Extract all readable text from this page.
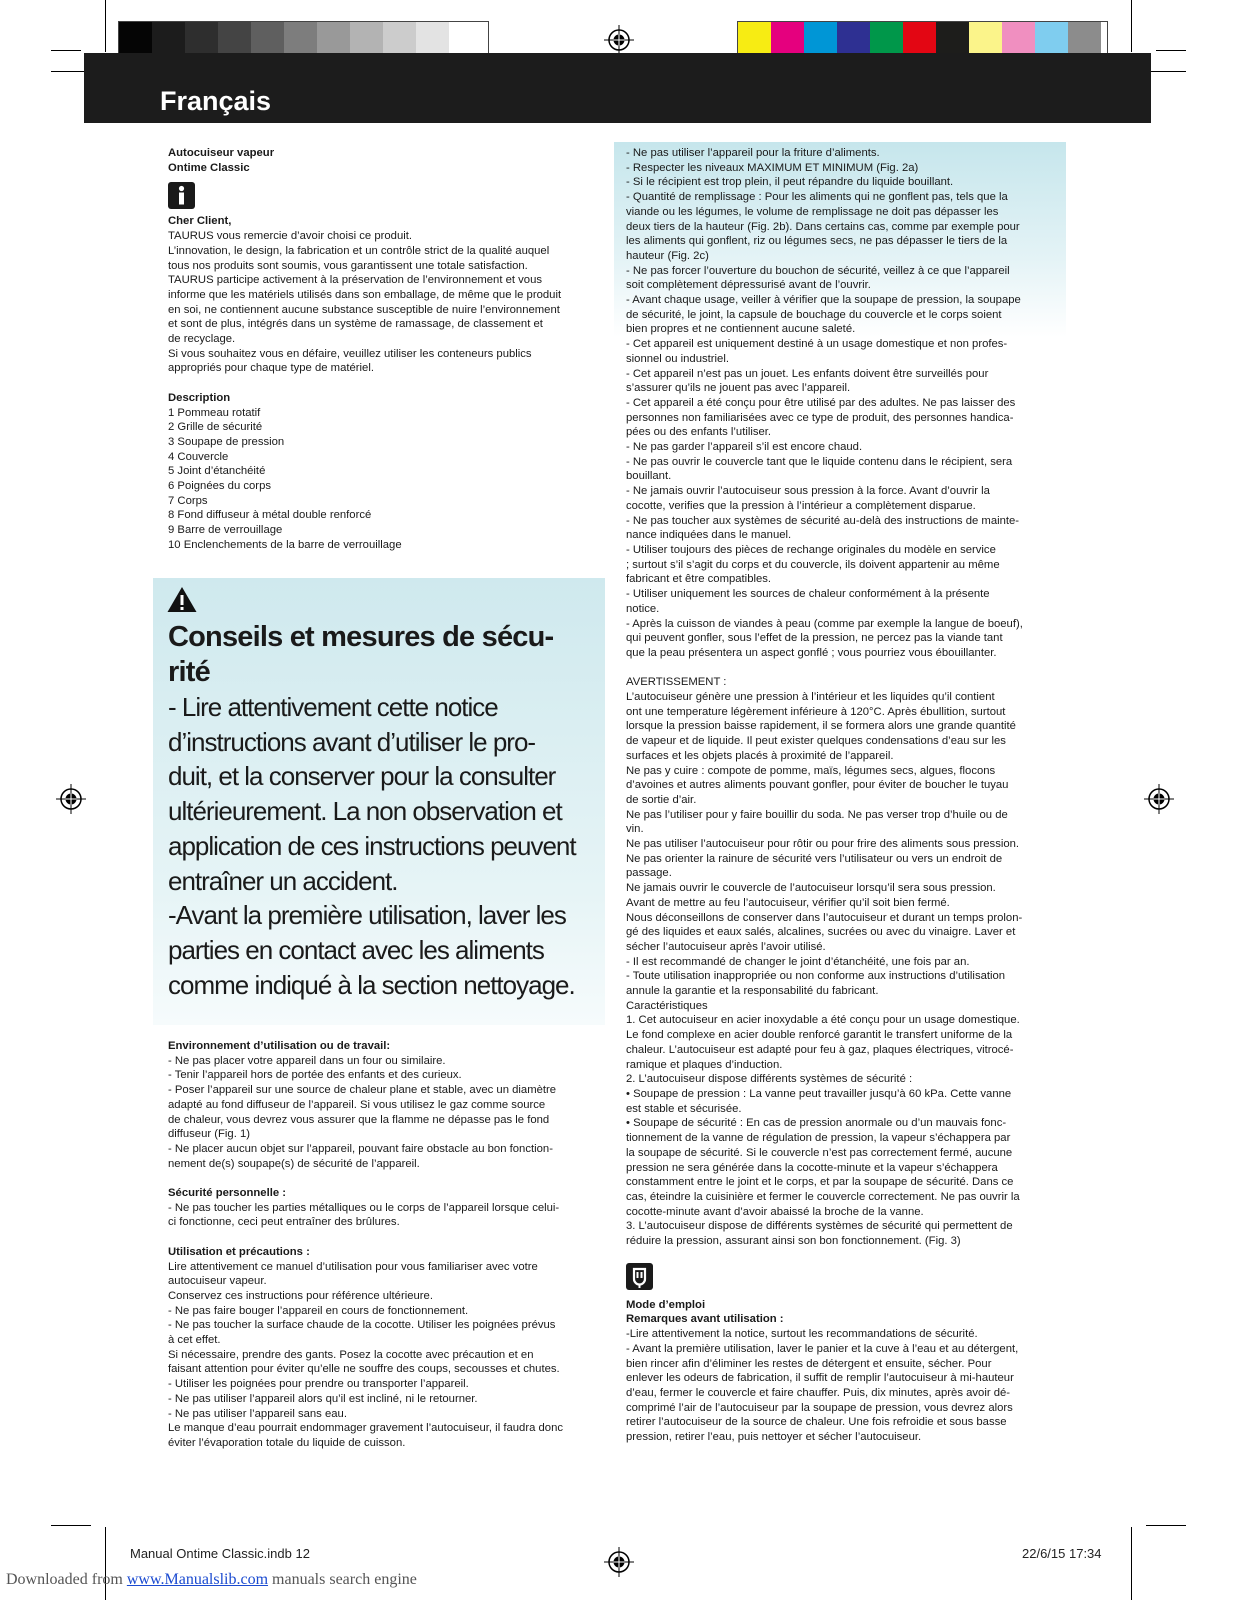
Français

Autocuiseur vapeur

Ontime Classic

Cher Client,

TAURUS vous remercie d’avoir choisi ce produit.
L’innovation, le design, la fabrication et un contrôle strict de la qualité auquel
tous nos produits sont soumis, vous garantissent une totale satisfaction.
TAURUS participe activement à la préservation de l’environnement et vous
informe que les matériels utilisés dans son emballage, de même que le produit
en soi, ne contiennent aucune substance susceptible de nuire l’environnement
et sont de plus, intégrés dans un système de ramassage, de classement et
de recyclage.
Si vous souhaitez vous en défaire, veuillez utiliser les conteneurs publics
appropriés pour chaque type de matériel.

Description

1 Pommeau rotatif

2 Grille de sécurité

3 Soupape de pression

4 Couvercle

5 Joint d’étanchéité

6 Poignées du corps

7 Corps

8 Fond diffuseur à métal double renforcé

9 Barre de verrouillage

10 Enclenchements de la barre de verrouillage

Conseils et mesures de sécu-
rité

- Lire attentivement cette notice
d’instructions avant d’utiliser le pro-
duit, et la conserver pour la consulter
ultérieurement. La non observation et
application de ces instructions peuvent
entraîner un accident.
-Avant la première utilisation, laver les
parties en contact avec les aliments
comme indiqué à la section nettoyage.

Environnement d’utilisation ou de travail:

- Ne pas placer votre appareil dans un four ou similaire.
- Tenir l’appareil hors de portée des enfants et des curieux.
- Poser l’appareil sur une source de chaleur plane et stable, avec un diamètre
adapté au fond diffuseur de l’appareil. Si vous utilisez le gaz comme source
de chaleur, vous devrez vous assurer que la flamme ne dépasse pas le fond
diffuseur (Fig. 1)
- Ne placer aucun objet sur l’appareil, pouvant faire obstacle au bon fonction-
nement de(s) soupape(s) de sécurité de l’appareil.

Sécurité personnelle :

- Ne pas toucher les parties métalliques ou le corps de l’appareil lorsque celui-
ci fonctionne, ceci peut entraîner des brûlures.

Utilisation et précautions :

Lire attentivement ce manuel d’utilisation pour vous familiariser avec votre
autocuiseur vapeur.
Conservez ces instructions pour référence ultérieure.
- Ne pas faire bouger l’appareil en cours de fonctionnement.
- Ne pas toucher la surface chaude de la cocotte. Utiliser les poignées prévus
à cet effet.
Si nécessaire, prendre des gants. Posez la cocotte avec précaution et en
faisant attention pour éviter qu’elle ne souffre des coups, secousses et chutes.
- Utiliser les poignées pour prendre ou transporter l’appareil.
- Ne pas utiliser l’appareil alors qu’il est incliné, ni le retourner.
- Ne pas utiliser l’appareil sans eau.
Le manque d’eau pourrait endommager gravement l’autocuiseur, il faudra donc
éviter l’évaporation totale du liquide de cuisson.

- Ne pas utiliser l’appareil pour la friture d’aliments.
- Respecter les niveaux MAXIMUM ET MINIMUM (Fig. 2a)
- Si le récipient est trop plein, il peut répandre du liquide bouillant.
- Quantité de remplissage : Pour les aliments qui ne gonflent pas, tels que la
viande ou les légumes, le volume de remplissage ne doit pas dépasser les
deux tiers de la hauteur (Fig. 2b). Dans certains cas, comme par exemple pour
les aliments qui gonflent, riz ou légumes secs, ne pas dépasser le tiers de la
hauteur (Fig. 2c)
- Ne pas forcer l’ouverture du bouchon de sécurité, veillez à ce que l’appareil
soit complètement dépressurisé avant de l’ouvrir.
- Avant chaque usage, veiller à vérifier que la soupape de pression, la soupape
de sécurité, le joint, la capsule de bouchage du couvercle et le corps soient
bien propres et ne contiennent aucune saleté.
- Cet appareil est uniquement destiné à un usage domestique et non profes-
sionnel ou industriel.
- Cet appareil n’est pas un jouet. Les enfants doivent être surveillés pour
s’assurer qu’ils ne jouent pas avec l’appareil.
- Cet appareil a été conçu pour être utilisé par des adultes. Ne pas laisser des
personnes non familiarisées avec ce type de produit, des personnes handica-
pées ou des enfants l’utiliser.
- Ne pas garder l’appareil s’il est encore chaud.
- Ne pas ouvrir le couvercle tant que le liquide contenu dans le récipient, sera
bouillant.
- Ne jamais ouvrir l’autocuiseur sous pression à la force. Avant d’ouvrir la
cocotte, verifies que la pression à l’intérieur a complètement disparue.
- Ne pas toucher aux systèmes de sécurité au-delà des instructions de mainte-
nance indiquées dans le manuel.
- Utiliser toujours des pièces de rechange originales du modèle en service
; surtout s’il s’agit du corps et du couvercle, ils doivent appartenir au même
fabricant et être compatibles.
- Utiliser uniquement les sources de chaleur conformément à la présente
notice.
- Après la cuisson de viandes à peau (comme par exemple la langue de boeuf),
qui peuvent gonfler, sous l’effet de la pression, ne percez pas la viande tant
que la peau présentera un aspect gonflé ; vous pourriez vous ébouillanter.

AVERTISSEMENT :
L’autocuiseur génère une pression à l’intérieur et les liquides qu’il contient
ont une temperature légèrement inférieure à 120°C. Après ébullition, surtout
lorsque la pression baisse rapidement, il se formera alors une grande quantité
de vapeur et de liquide. Il peut exister quelques condensations d’eau sur les
surfaces et les objets placés à proximité de l’appareil.
Ne pas y cuire : compote de pomme, maïs, légumes secs, algues, flocons
d’avoines et autres aliments pouvant gonfler, pour éviter de boucher le tuyau
de sortie d’air.
Ne pas l’utiliser pour y faire bouillir du soda. Ne pas verser trop d’huile ou de
vin.
Ne pas utiliser l’autocuiseur pour rôtir ou pour frire des aliments sous pression.
Ne pas orienter la rainure de sécurité vers l’utilisateur ou vers un endroit de
passage.
Ne jamais ouvrir le couvercle de l’autocuiseur lorsqu’il sera sous pression.
Avant de mettre au feu l’autocuiseur, vérifier qu’il soit bien fermé.
Nous déconseillons de conserver dans l’autocuiseur et durant un temps prolon-
gé des liquides et eaux salés, alcalines, sucrées ou avec du vinaigre. Laver et
sécher l’autocuiseur après l’avoir utilisé.
- Il est recommandé de changer le joint d’étanchéité, une fois par an.
- Toute utilisation inappropriée ou non conforme aux instructions d’utilisation
annule la garantie et la responsabilité du fabricant.
Caractéristiques
1. Cet autocuiseur en acier inoxydable a été conçu pour un usage domestique.
Le fond complexe en acier double renforcé garantit le transfert uniforme de la
chaleur. L’autocuiseur est adapté pour feu à gaz, plaques électriques, vitrocé-
ramique et plaques d’induction.
2. L’autocuiseur dispose différents systèmes de sécurité :
• Soupape de pression : La vanne peut travailler jusqu’à 60 kPa. Cette vanne
est stable et sécurisée.
• Soupape de sécurité : En cas de pression anormale ou d’un mauvais fonc-
tionnement de la vanne de régulation de pression, la vapeur s’échappera par
la soupape de sécurité. Si le couvercle n’est pas correctement fermé, aucune
pression ne sera générée dans la cocotte-minute et la vapeur s’échappera
constamment entre le joint et le corps, et par la soupape de sécurité. Dans ce
cas, éteindre la cuisinière et fermer le couvercle correctement. Ne pas ouvrir la
cocotte-minute avant d’avoir abaissé la broche de la vanne.
3. L’autocuiseur dispose de différents systèmes de sécurité qui permettent de
réduire la pression, assurant ainsi son bon fonctionnement. (Fig. 3)

Mode d’emploi

Remarques avant utilisation :

-Lire attentivement la notice, surtout les recommandations de sécurité.
- Avant la première utilisation, laver le panier et la cuve à l’eau et au détergent,
bien rincer afin d’éliminer les restes de détergent et ensuite, sécher. Pour
enlever les odeurs de fabrication, il suffit de remplir l’autocuiseur à mi-hauteur
d’eau, fermer le couvercle et faire chauffer. Puis, dix minutes, après avoir dé-
comprimé l’air de l’autocuiseur par la soupape de pression, vous devrez alors
retirer l’autocuiseur de la source de chaleur. Une fois refroidie et sous basse
pression, retirer l’eau, puis nettoyer et sécher l’autocuiseur.

Manual Ontime Classic.indb 12	22/6/15 17:34
Downloaded from www.Manualslib.com manuals search engine
